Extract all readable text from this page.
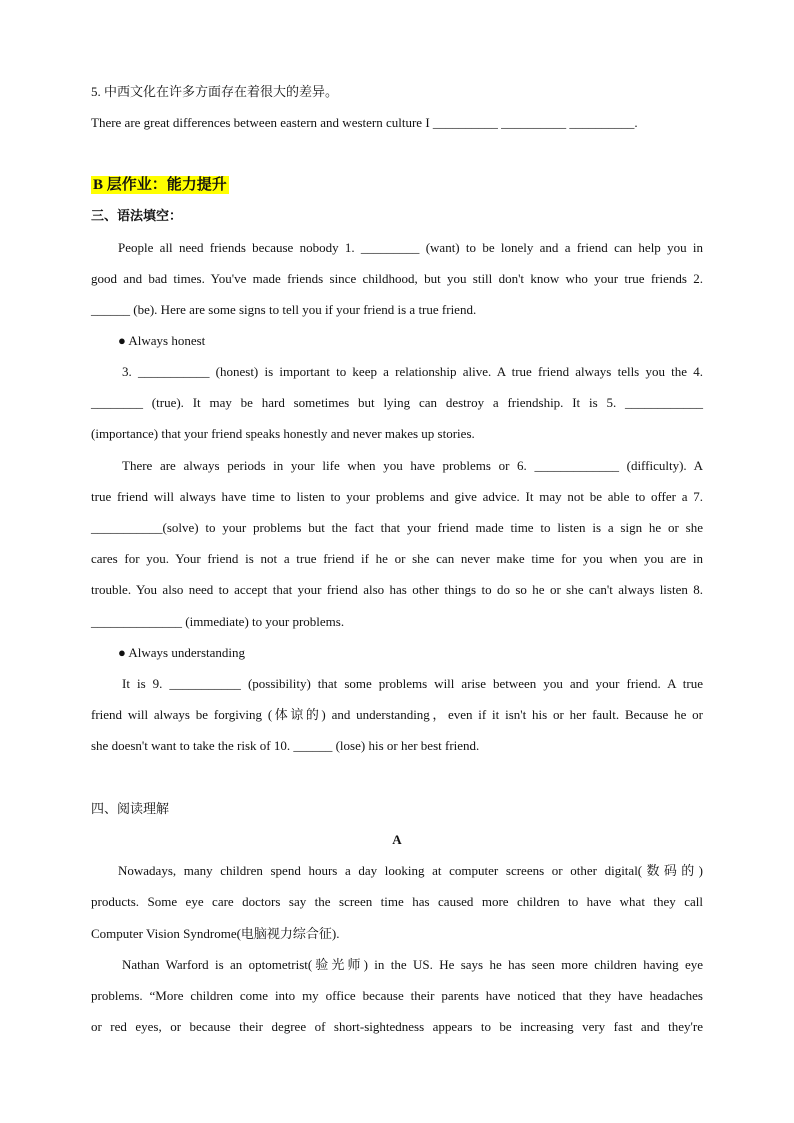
5. 中西文化在许多方面存在着很大的差异。
There are great differences between eastern and western culture I __________ __________ __________.
B 层作业：能力提升
三、语法填空：
People all need friends because nobody 1. _________ (want) to be lonely and a friend can help you in
good and bad times. You've made friends since childhood, but you still don't know who your true friends 2.
______ (be). Here are some signs to tell you if your friend is a true friend.
● Always honest
3. ___________ (honest) is important to keep a relationship alive. A true friend always tells you the 4.
________ (true). It may be hard sometimes but lying can destroy a friendship. It is 5. ____________
(importance) that your friend speaks honestly and never makes up stories.
There are always periods in your life when you have problems or 6. _____________ (difficulty). A
true friend will always have time to listen to your problems and give advice. It may not be able to offer a 7.
___________(solve) to your problems but the fact that your friend made time to listen is a sign he or she
cares for you. Your friend is not a true friend if he or she can never make time for you when you are in
trouble. You also need to accept that your friend also has other things to do so he or she can't always listen 8.
______________ (immediate) to your problems.
● Always understanding
It is 9. ___________ (possibility) that some problems will arise between you and your friend. A true
friend will always be forgiving (体谅的) and understanding，even if it isn't his or her fault. Because he or
she doesn't want to take the risk of 10. ______ (lose) his or her best friend.
四、阅读理解
A
Nowadays, many children spend hours a day looking at computer screens or other digital(数码的)
products. Some eye care doctors say the screen time has caused more children to have what they call
Computer Vision Syndrome(电脑视力综合征).
Nathan Warford is an optometrist(验光师) in the US. He says he has seen more children having eye
problems. “More children come into my office because their parents have noticed that they have headaches
or red eyes, or because their degree of short-sightedness appears to be increasing very fast and they're
